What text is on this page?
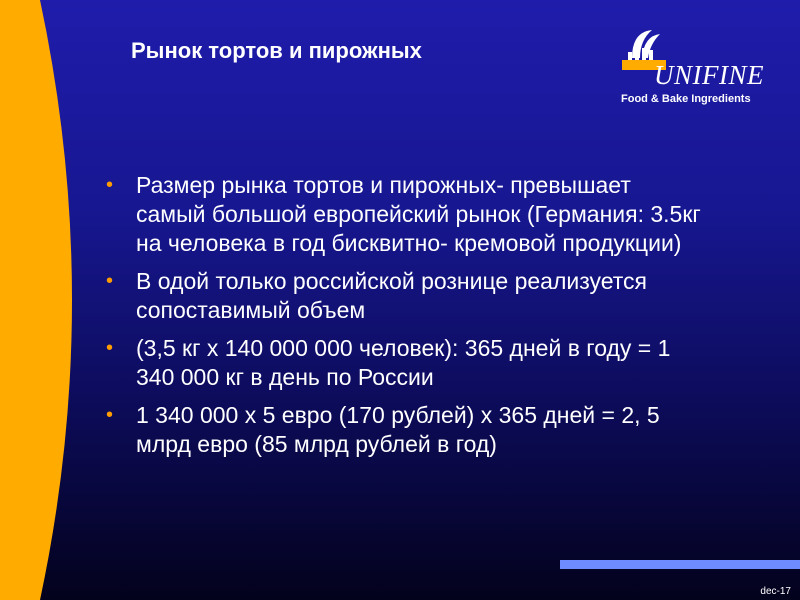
Рынок тортов и пирожных
UNIFINE
Food & Bake Ingredients
• Размер рынка тортов и пирожных- превышает самый большой европейский рынок (Германия: 3.5кг на человека в год бисквитно- кремовой продукции)
• В одой только российской рознице реализуется сопоставимый объем
• (3,5 кг х 140 000 000 человек): 365 дней в году = 1 340 000 кг в день по России
• 1 340 000 х 5 евро (170 рублей) х 365 дней = 2, 5 млрд евро (85 млрд рублей в год)
dec-17
